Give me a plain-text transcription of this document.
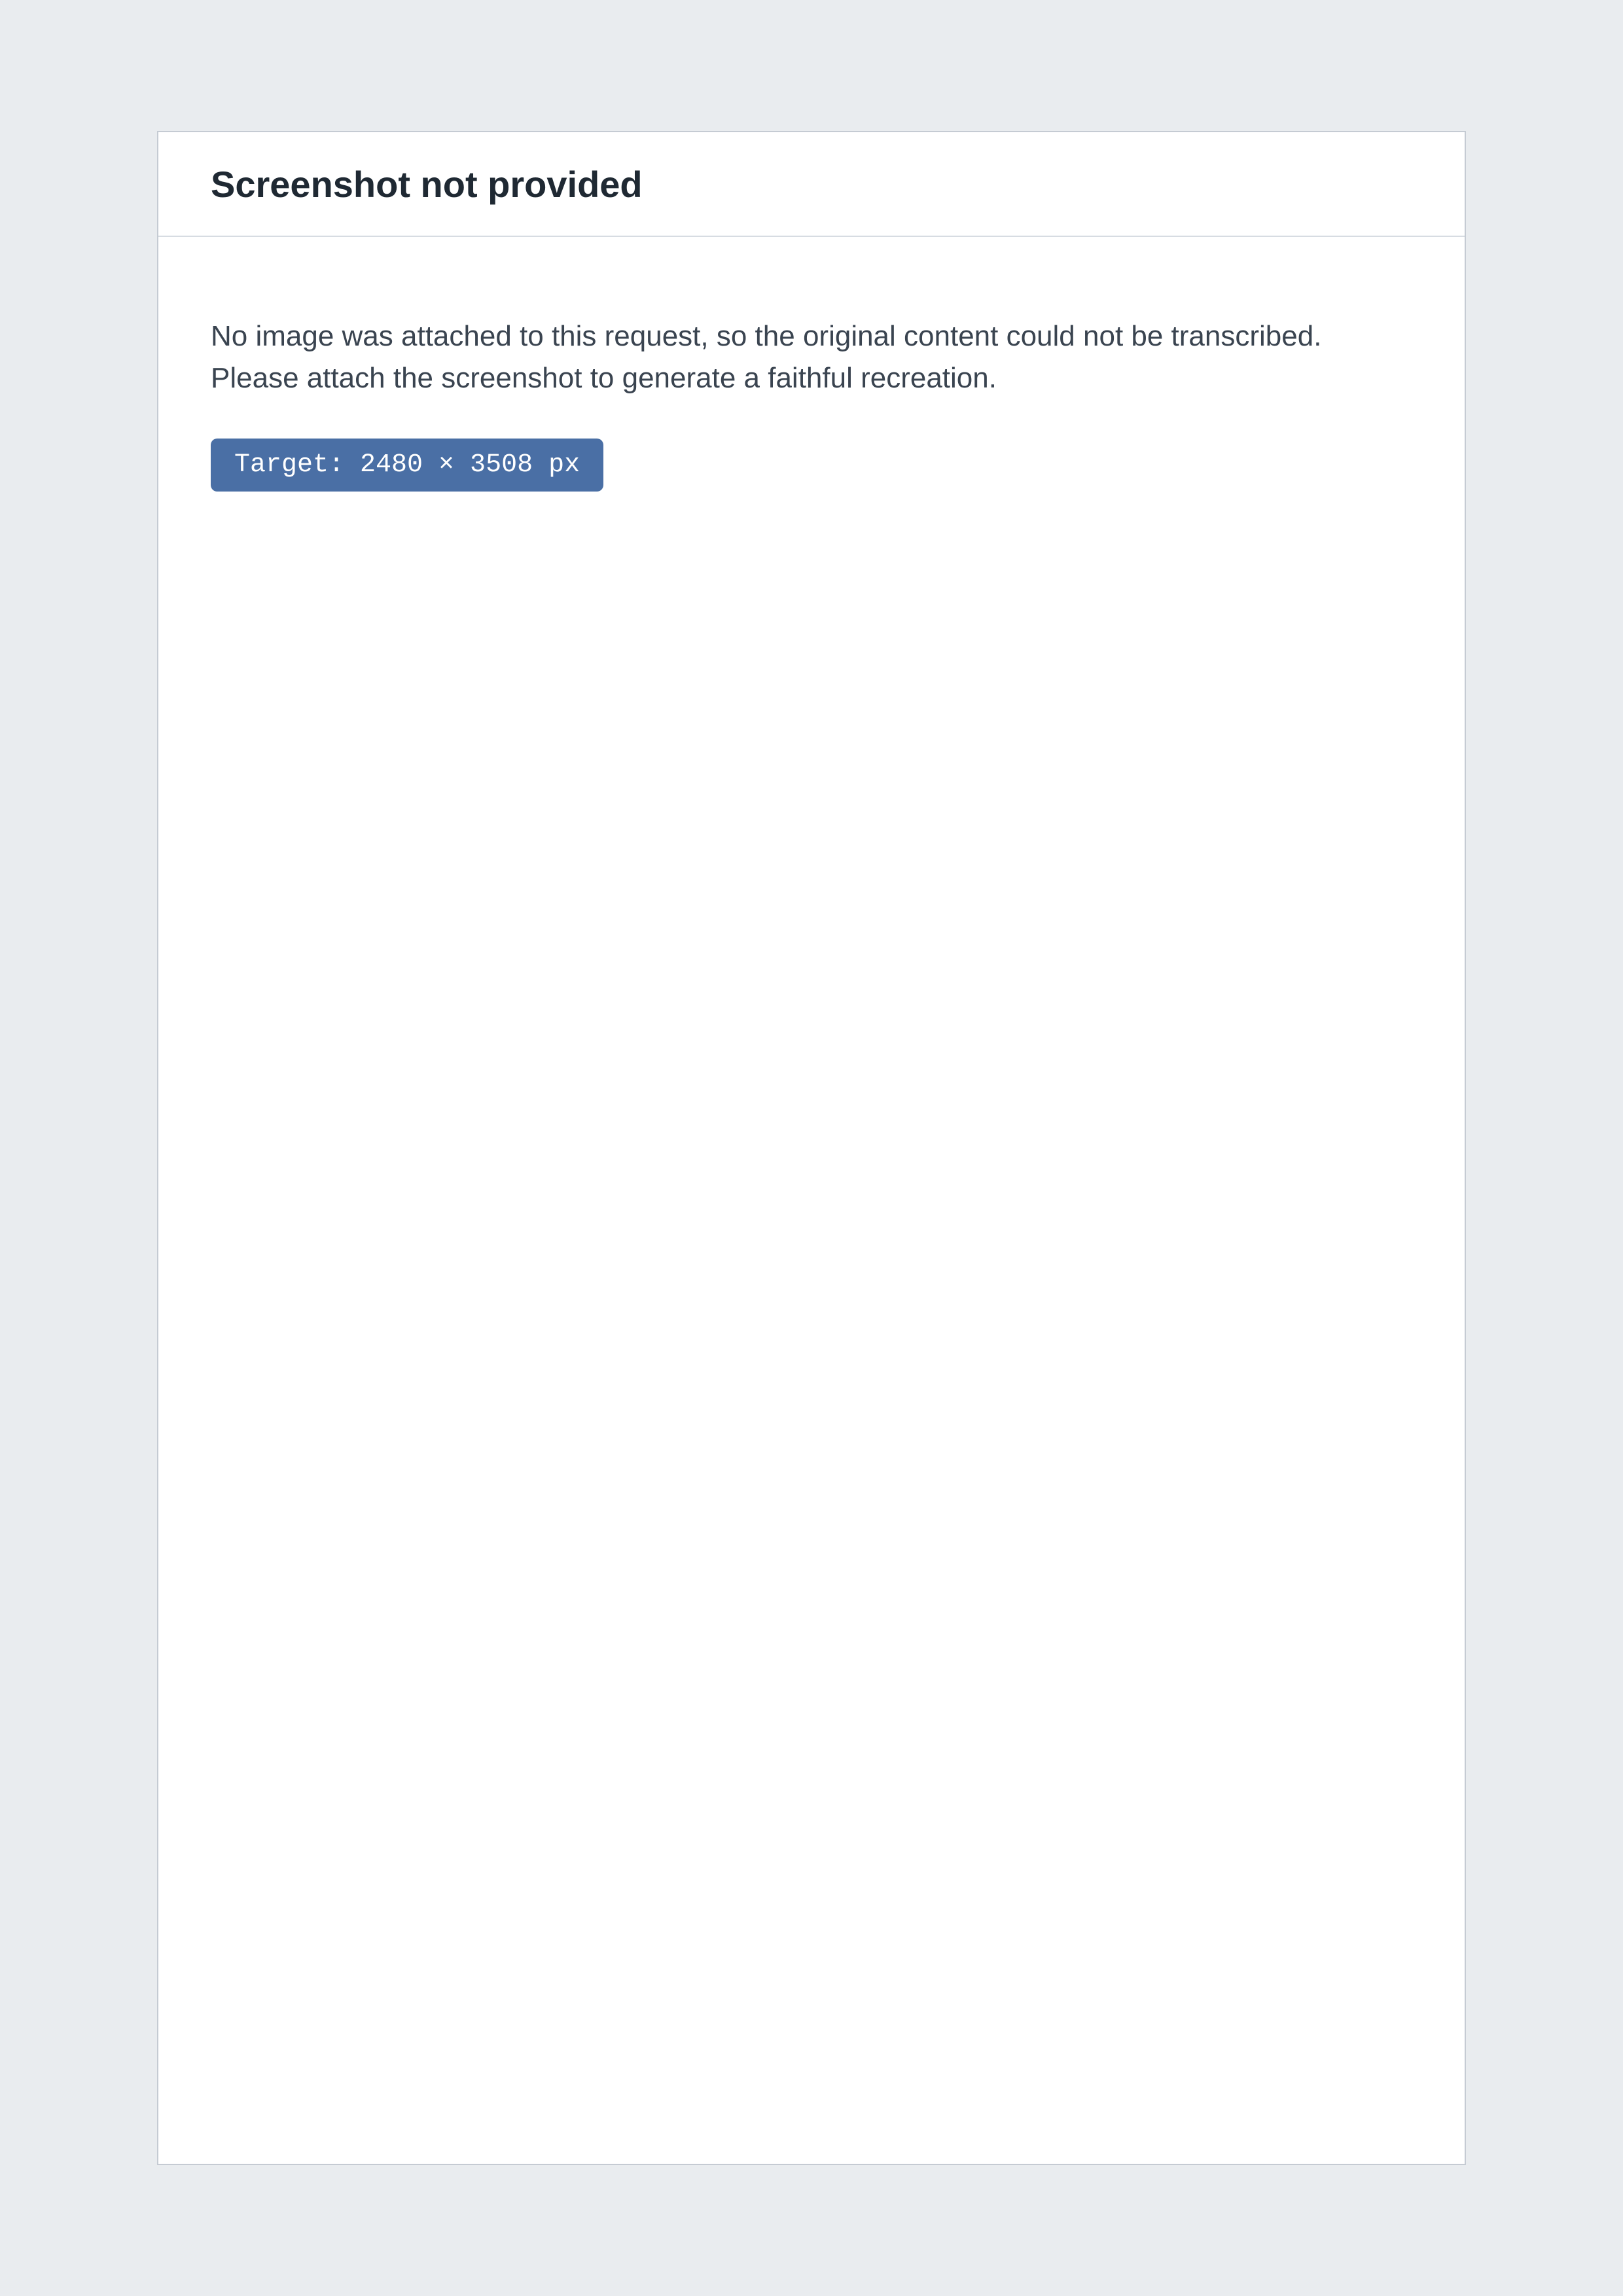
Screenshot not provided

No image was attached to this request, so the original content could not be transcribed. Please attach the screenshot to generate a faithful recreation.

Target: 2480 × 3508 px
